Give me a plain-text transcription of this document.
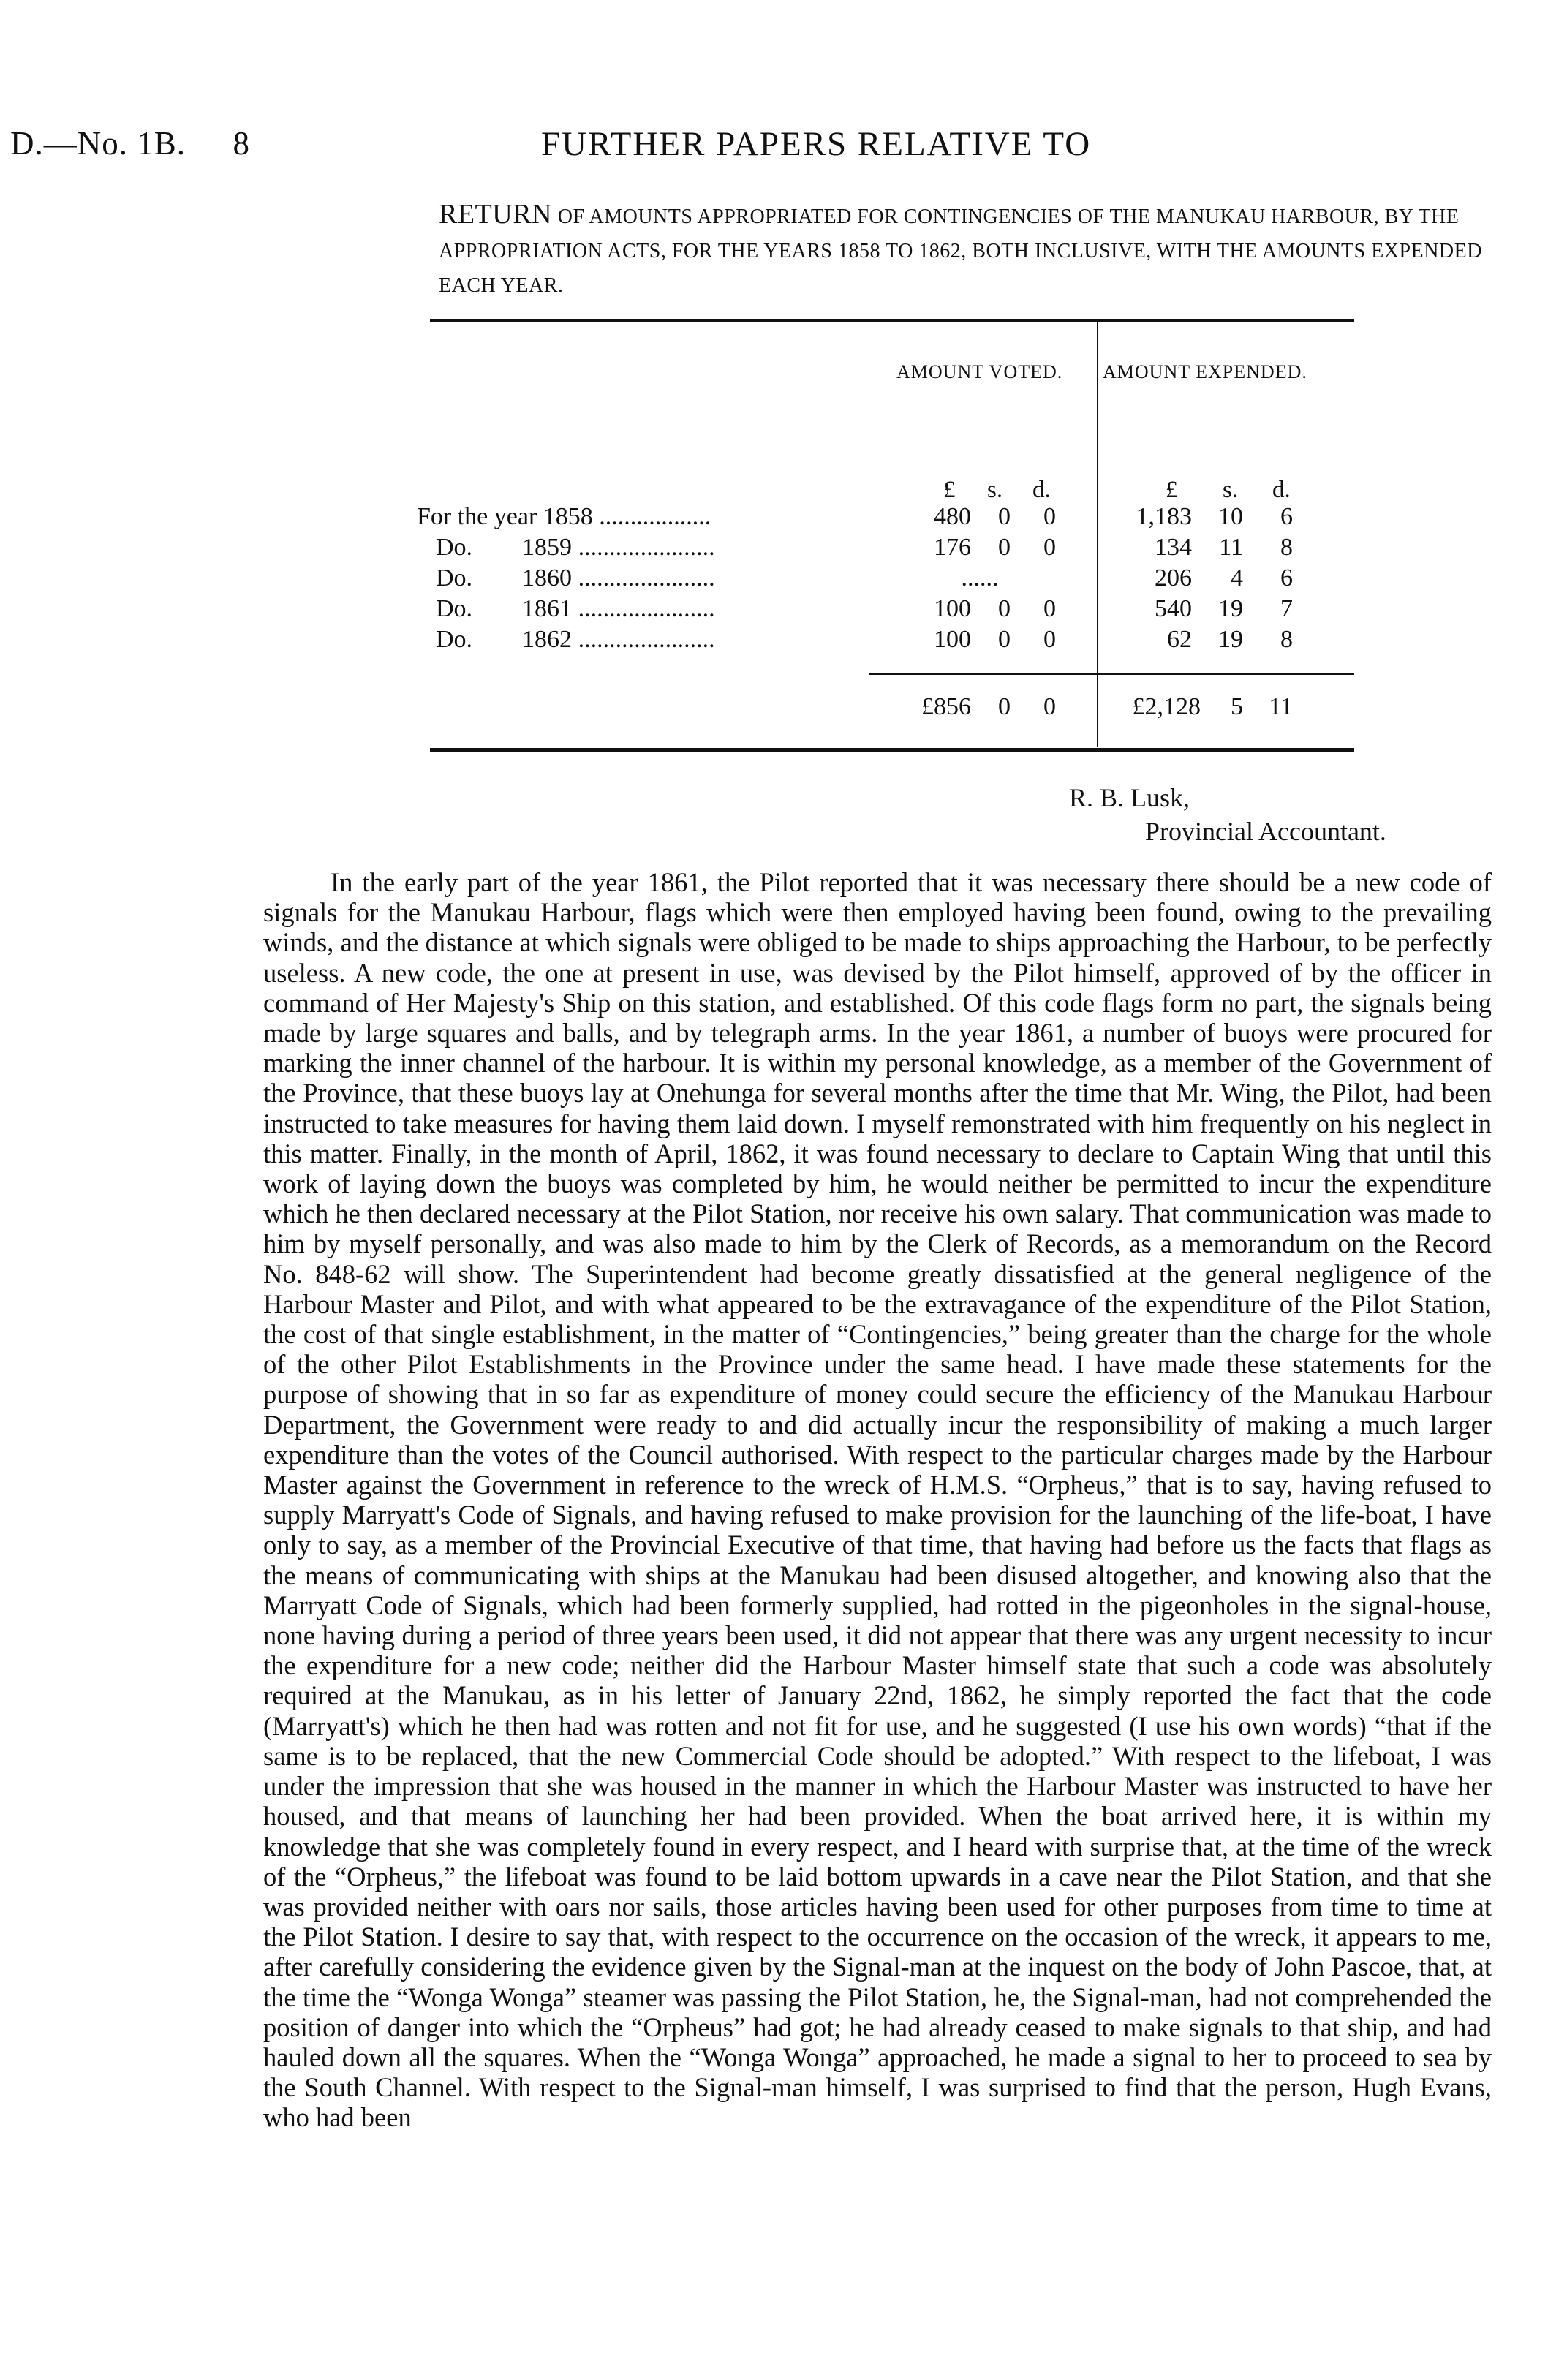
D.—No. 1B. 8	FURTHER PAPERS RELATIVE TO
RETURN OF AMOUNTS APPROPRIATED FOR CONTINGENCIES OF THE MANUKAU HARBOUR, BY THE APPROPRIATION ACTS, FOR THE YEARS 1858 TO 1862, BOTH INCLUSIVE, WITH THE AMOUNTS EXPENDED EACH YEAR.
AMOUNT VOTED. AMOUNT EXPENDED.
£ s. d.	£ s. d.
For the year 1858 ..................	480	0	0	1,183	10	6
Do.        1859 ......................	176	0	0	134	11	8
Do.        1860 ......................	......	206	4	6
Do.        1861 ......................	100	0	0	540	19	7
Do.        1862 ......................	100	0	0	62	19	8
£856	0	0	£2,128	5 11
R. B. Lusk,
Provincial Accountant.
In the early part of the year 1861, the Pilot reported that it was necessary there should be a new code of signals for the Manukau Harbour, flags which were then employed having been found, owing to the prevailing winds, and the distance at which signals were obliged to be made to ships approaching the Harbour, to be perfectly useless. A new code, the one at present in use, was devised by the Pilot himself, approved of by the officer in command of Her Majesty's Ship on this station, and established. Of this code flags form no part, the signals being made by large squares and balls, and by telegraph arms. In the year 1861, a number of buoys were procured for marking the inner channel of the harbour. It is within my personal knowledge, as a member of the Government of the Province, that these buoys lay at Onehunga for several months after the time that Mr. Wing, the Pilot, had been instructed to take measures for having them laid down. I myself remonstrated with him frequently on his neglect in this matter. Finally, in the month of April, 1862, it was found necessary to declare to Captain Wing that until this work of laying down the buoys was completed by him, he would neither be permitted to incur the expenditure which he then declared necessary at the Pilot Station, nor receive his own salary. That communication was made to him by myself personally, and was also made to him by the Clerk of Records, as a memorandum on the Record No. 848-62 will show. The Superintendent had become greatly dissatisfied at the general negligence of the Harbour Master and Pilot, and with what appeared to be the extravagance of the expenditure of the Pilot Station, the cost of that single establishment, in the matter of “Contingencies,” being greater than the charge for the whole of the other Pilot Establishments in the Province under the same head. I have made these statements for the purpose of showing that in so far as expenditure of money could secure the efficiency of the Manukau Harbour Department, the Government were ready to and did actually incur the responsibility of making a much larger expenditure than the votes of the Council authorised. With respect to the particular charges made by the Harbour Master against the Government in reference to the wreck of H.M.S. “Orpheus,” that is to say, having refused to supply Marryatt's Code of Signals, and having refused to make provision for the launching of the life-boat, I have only to say, as a member of the Provincial Executive of that time, that having had before us the facts that flags as the means of communicating with ships at the Manukau had been disused altogether, and knowing also that the Marryatt Code of Signals, which had been formerly supplied, had rotted in the pigeonholes in the signal-house, none having during a period of three years been used, it did not appear that there was any urgent necessity to incur the expenditure for a new code; neither did the Harbour Master himself state that such a code was absolutely required at the Manukau, as in his letter of January 22nd, 1862, he simply reported the fact that the code (Marryatt's) which he then had was rotten and not fit for use, and he suggested (I use his own words) “that if the same is to be replaced, that the new Commercial Code should be adopted.” With respect to the lifeboat, I was under the impression that she was housed in the manner in which the Harbour Master was instructed to have her housed, and that means of launching her had been provided. When the boat arrived here, it is within my knowledge that she was completely found in every respect, and I heard with surprise that, at the time of the wreck of the “Orpheus,” the lifeboat was found to be laid bottom upwards in a cave near the Pilot Station, and that she was provided neither with oars nor sails, those articles having been used for other purposes from time to time at the Pilot Station. I desire to say that, with respect to the occurrence on the occasion of the wreck, it appears to me, after carefully considering the evidence given by the Signal-man at the inquest on the body of John Pascoe, that, at the time the “Wonga Wonga” steamer was passing the Pilot Station, he, the Signal-man, had not comprehended the position of danger into which the “Orpheus” had got; he had already ceased to make signals to that ship, and had hauled down all the squares. When the “Wonga Wonga” approached, he made a signal to her to proceed to sea by the South Channel. With respect to the Signal-man himself, I was surprised to find that the person, Hugh Evans, who had been
